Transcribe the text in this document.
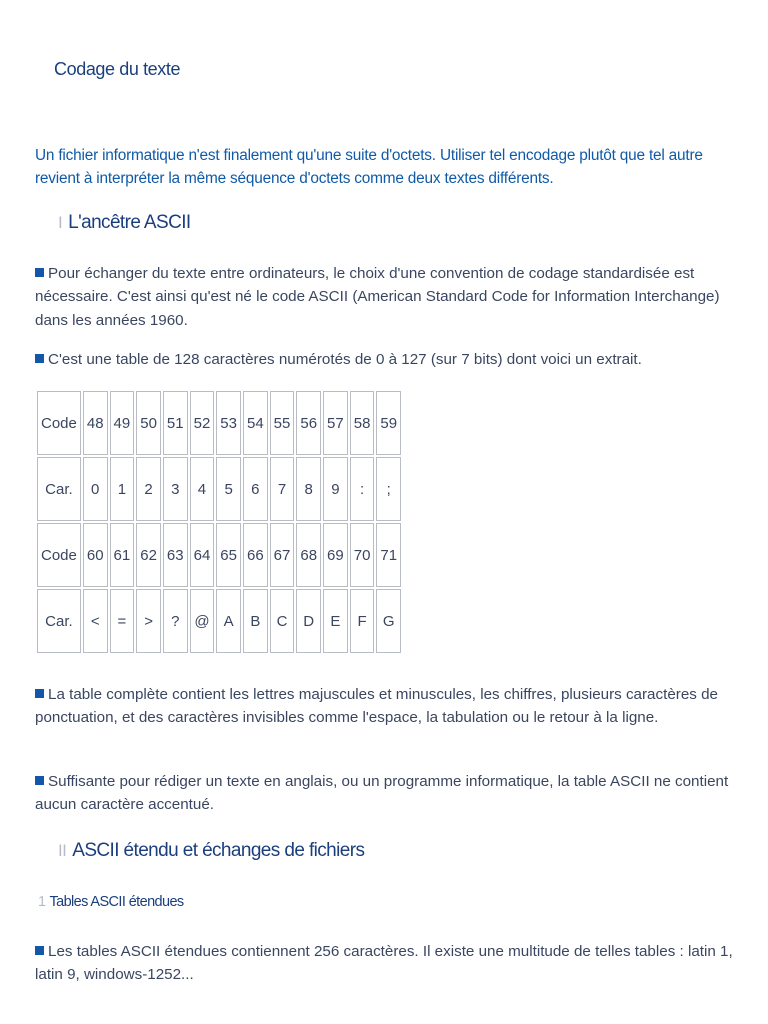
Codage du texte

Un fichier informatique n'est finalement qu'une suite d'octets. Utiliser tel encodage plutôt que tel autre revient à interpréter la même séquence d'octets comme deux textes différents.

I L'ancêtre ASCII

Pour échanger du texte entre ordinateurs, le choix d'une convention de codage standardisée est nécessaire. C'est ainsi qu'est né le code ASCII (American Standard Code for Information Interchange) dans les années 1960.

C'est une table de 128 caractères numérotés de 0 à 127 (sur 7 bits) dont voici un extrait.

Code	48	49	50	51	52	53	54	55	56	57	58	59
Car.	0	1	2	3	4	5	6	7	8	9	:	;
Code	60	61	62	63	64	65	66	67	68	69	70	71
Car.	<	=	>	?	@	A	B	C	D	E	F	G

La table complète contient les lettres majuscules et minuscules, les chiffres, plusieurs caractères de ponctuation, et des caractères invisibles comme l'espace, la tabulation ou le retour à la ligne.

Suffisante pour rédiger un texte en anglais, ou un programme informatique, la table ASCII ne contient aucun caractère accentué.

II ASCII étendu et échanges de fichiers
1 Tables ASCII étendues

Les tables ASCII étendues contiennent 256 caractères. Il existe une multitude de telles tables : latin 1, latin 9, windows-1252...
